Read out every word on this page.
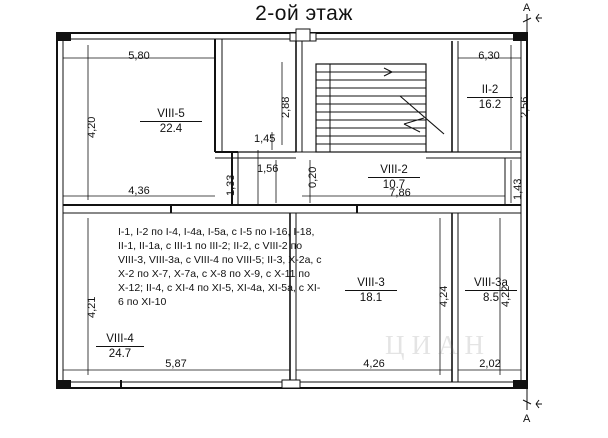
2-ой этаж
VIII-5
22.4
II-2
16.2
VIII-2
10.7
VIII-3
18.1
VIII-3a
8.5
VIII-4
24.7
I-1, I-2 по I-4, I-4a, I-5a, с I-5 по I-16, I-18, II-1, II-1a, с III-1 по III-2; II-2, с VIII-2 по VIII-3, VIII-3a, с VIII-4 по VIII-5; II-3, X-2a, с X-2 по X-7, X-7a, с X-8 по X-9, с X-11 по X-12; II-4, с XI-4 по XI-5, XI-4a, XI-5a, с XI-6 по XI-10
5,80	6,30
4,36	7,86
5,87	4,26	2,02
1,45
1,56
4,20
4,21
2,88
0,20
1,33
2,56
1,43
4,24	4,22
A
A
ЦИАН
